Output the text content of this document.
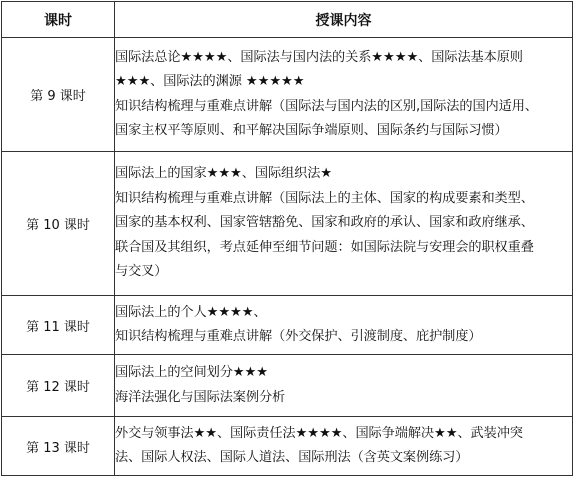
课时	授课内容
第 9 课时	国际法总论★★★★、国际法与国内法的关系★★★★、国际法基本原则
★★★、国际法的渊源 ★★★★★
知识结构梳理与重难点讲解（国际法与国内法的区别,国际法的国内适用、
国家主权平等原则、和平解决国际争端原则、国际条约与国际习惯）

第 10 课时	国际法上的国家★★★、国际组织法★
知识结构梳理与重难点讲解（国际法上的主体、国家的构成要素和类型、
国家的基本权利、国家管辖豁免、国家和政府的承认、国家和政府继承、
联合国及其组织，考点延伸至细节问题：如国际法院与安理会的职权重叠
与交叉）

第 11 课时	国际法上的个人★★★★、
知识结构梳理与重难点讲解（外交保护、引渡制度、庇护制度）

第 12 课时	国际法上的空间划分★★★
海洋法强化与国际法案例分析

第 13 课时	外交与领事法★★、国际责任法★★★★、国际争端解决★★、武装冲突
法、国际人权法、国际人道法、国际刑法（含英文案例练习）
